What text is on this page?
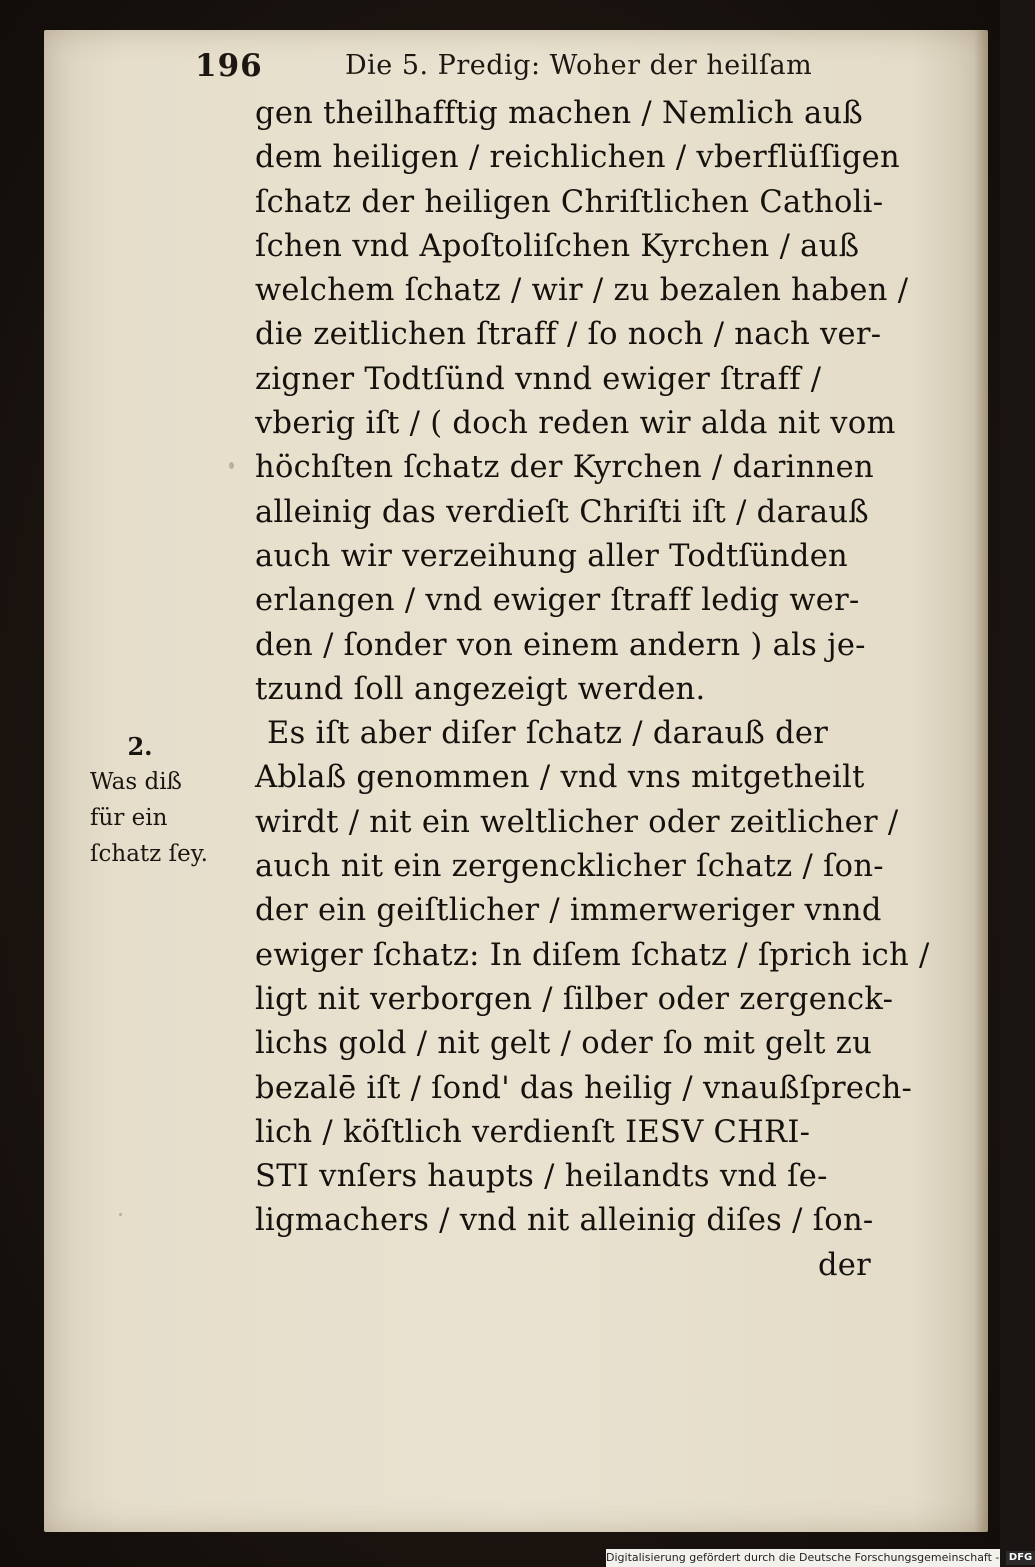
196	Die 5. Predig: Woher der heilſam
2.
Was diß
für ein
ſchatz ſey.
gen theilhafftig machen / Nemlich auß
dem heiligen / reichlichen / vberflüſſigen
ſchatz der heiligen Chriſtlichen Catholi-
ſchen vnd Apoſtoliſchen Kyrchen / auß
welchem ſchatz / wir / zu bezalen haben /
die zeitlichen ſtraff / ſo noch / nach ver-
zigner Todtſünd vnnd ewiger ſtraff /
vberig iſt / ( doch reden wir alda nit vom
höchſten ſchatz der Kyrchen / darinnen
alleinig das verdieſt Chriſti iſt / darauß
auch wir verzeihung aller Todtſünden
erlangen / vnd ewiger ſtraff ledig wer-
den / ſonder von einem andern ) als je-
tzund ſoll angezeigt werden.
Es iſt aber diſer ſchatz / darauß der
Ablaß genommen / vnd vns mitgetheilt
wirdt / nit ein weltlicher oder zeitlicher /
auch nit ein zergencklicher ſchatz / ſon-
der ein geiſtlicher / immerweriger vnnd
ewiger ſchatz: In diſem ſchatz / ſprich ich /
ligt nit verborgen / ſilber oder zergenck-
lichs gold / nit gelt / oder ſo mit gelt zu
bezalē iſt / ſond' das heilig / vnaußſprech-
lich / köſtlich verdienſt IESV CHRI-
STI vnſers haupts / heilandts vnd ſe-
ligmachers / vnd nit alleinig diſes / ſon-
der
Digitalisierung gefördert durch die Deutsche Forschungsgemeinschaft - DFG
